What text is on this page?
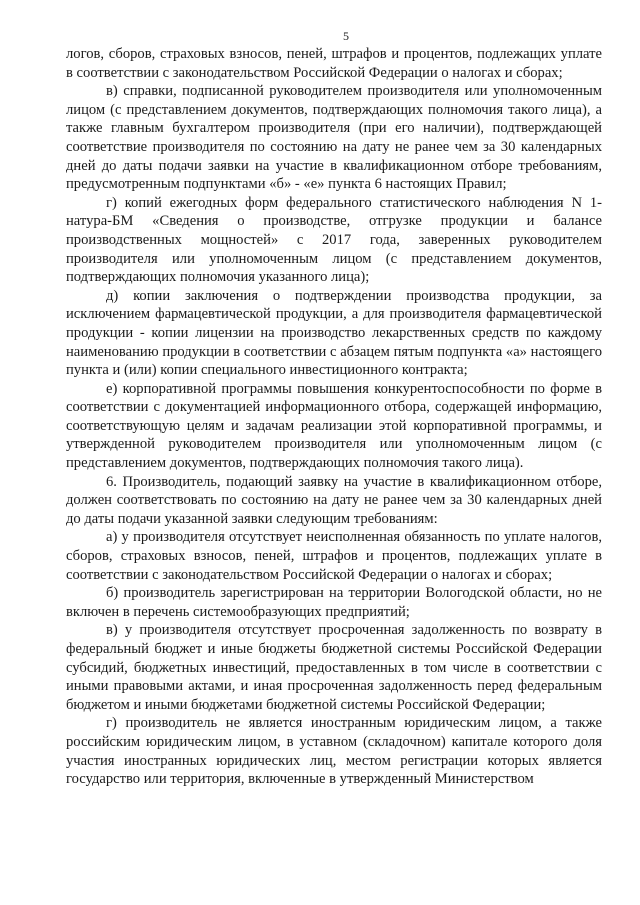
5

логов, сборов, страховых взносов, пеней, штрафов и процентов, подлежащих уплате в соответствии с законодательством Российской Федерации о налогах и сборах;

в) справки, подписанной руководителем производителя или уполномоченным лицом (с представлением документов, подтверждающих полномочия такого лица), а также главным бухгалтером производителя (при его наличии), подтверждающей соответствие производителя по состоянию на дату не ранее чем за 30 календарных дней до даты подачи заявки на участие в квалификационном отборе требованиям, предусмотренным подпунктами «б» - «е» пункта 6 настоящих Правил;

г) копий ежегодных форм федерального статистического наблюдения N 1-натура-БМ «Сведения о производстве, отгрузке продукции и балансе производственных мощностей» с 2017 года, заверенных руководителем производителя или уполномоченным лицом (с представлением документов, подтверждающих полномочия указанного лица);

д) копии заключения о подтверждении производства продукции, за исключением фармацевтической продукции, а для производителя фармацевтической продукции - копии лицензии на производство лекарственных средств по каждому наименованию продукции в соответствии с абзацем пятым подпункта «а» настоящего пункта и (или) копии специального инвестиционного контракта;

е) корпоративной программы повышения конкурентоспособности по форме в соответствии с документацией информационного отбора, содержащей информацию, соответствующую целям и задачам реализации этой корпоративной программы, и утвержденной руководителем производителя или уполномоченным лицом (с представлением документов, подтверждающих полномочия такого лица).

6. Производитель, подающий заявку на участие в квалификационном отборе, должен соответствовать по состоянию на дату не ранее чем за 30 календарных дней до даты подачи указанной заявки следующим требованиям:

а) у производителя отсутствует неисполненная обязанность по уплате налогов, сборов, страховых взносов, пеней, штрафов и процентов, подлежащих уплате в соответствии с законодательством Российской Федерации о налогах и сборах;

б) производитель зарегистрирован на территории Вологодской области, но не включен в перечень системообразующих предприятий;

в) у производителя отсутствует просроченная задолженность по возврату в федеральный бюджет и иные бюджеты бюджетной системы Российской Федерации субсидий, бюджетных инвестиций, предоставленных в том числе в соответствии с иными правовыми актами, и иная просроченная задолженность перед федеральным бюджетом и иными бюджетами бюджетной системы Российской Федерации;

г) производитель не является иностранным юридическим лицом, а также российским юридическим лицом, в уставном (складочном) капитале которого доля участия иностранных юридических лиц, местом регистрации которых является государство или территория, включенные в утвержденный Министерством
